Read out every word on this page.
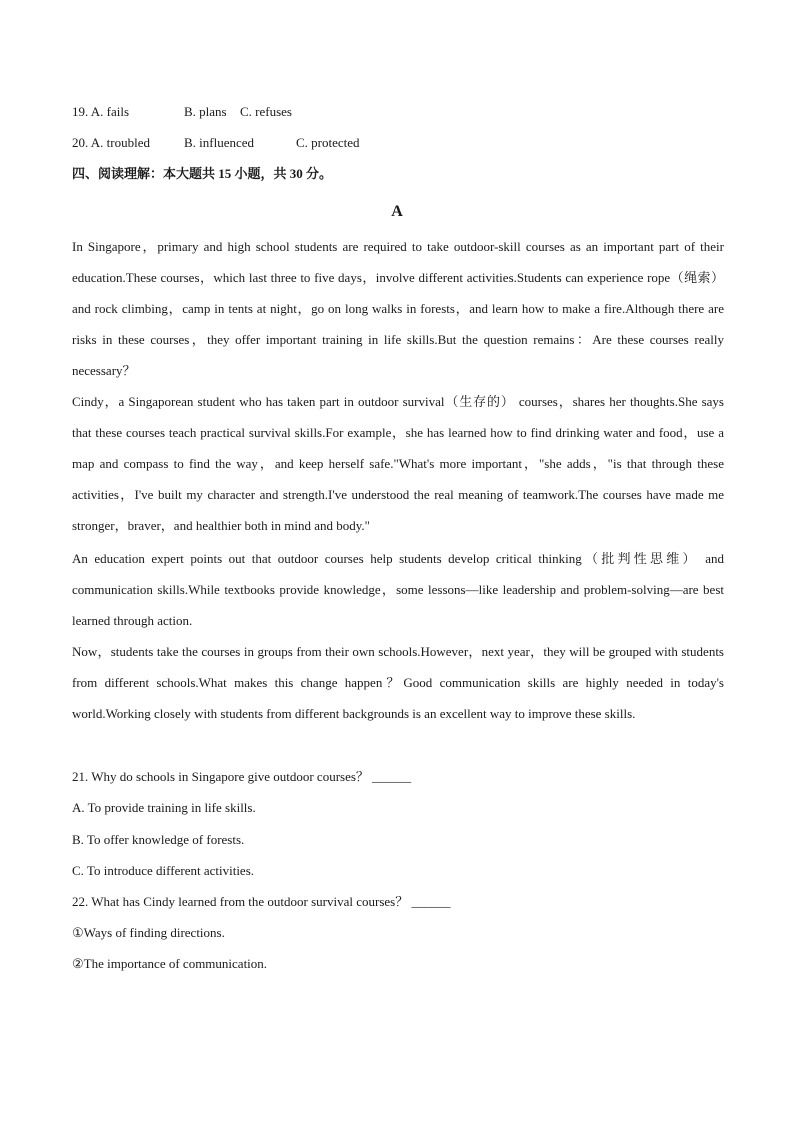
19. A. fails	B. plans C. refuses
20. A. troubled	B. influenced	C. protected
四、阅读理解：本大题共 15 小题，共 30 分。
A
In Singapore，primary and high school students are required to take outdoor-skill courses as an important part of their education.These courses，which last three to five days，involve different activities.Students can experience rope（绳索） and rock climbing，camp in tents at night，go on long walks in forests，and learn how to make a fire.Although there are risks in these courses，they offer important training in life skills.But the question remains：Are these courses really necessary？
Cindy，a Singaporean student who has taken part in outdoor survival（生存的） courses，shares her thoughts.She says that these courses teach practical survival skills.For example，she has learned how to find drinking water and food，use a map and compass to find the way，and keep herself safe."What's more important，"she adds，"is that through these activities，I've built my character and strength.I've understood the real meaning of teamwork.The courses have made me stronger，braver，and healthier both in mind and body."
An education expert points out that outdoor courses help students develop critical thinking（批判性思维） and communication skills.While textbooks provide knowledge，some lessons—like leadership and problem-solving—are best learned through action.
Now，students take the courses in groups from their own schools.However，next year，they will be grouped with students from different schools.What makes this change happen？Good communication skills are highly needed in today's world.Working closely with students from different backgrounds is an excellent way to improve these skills.
21. Why do schools in Singapore give outdoor courses？ ______
A. To provide training in life skills.
B. To offer knowledge of forests.
C. To introduce different activities.
22. What has Cindy learned from the outdoor survival courses？ ______
①Ways of finding directions.
②The importance of communication.
